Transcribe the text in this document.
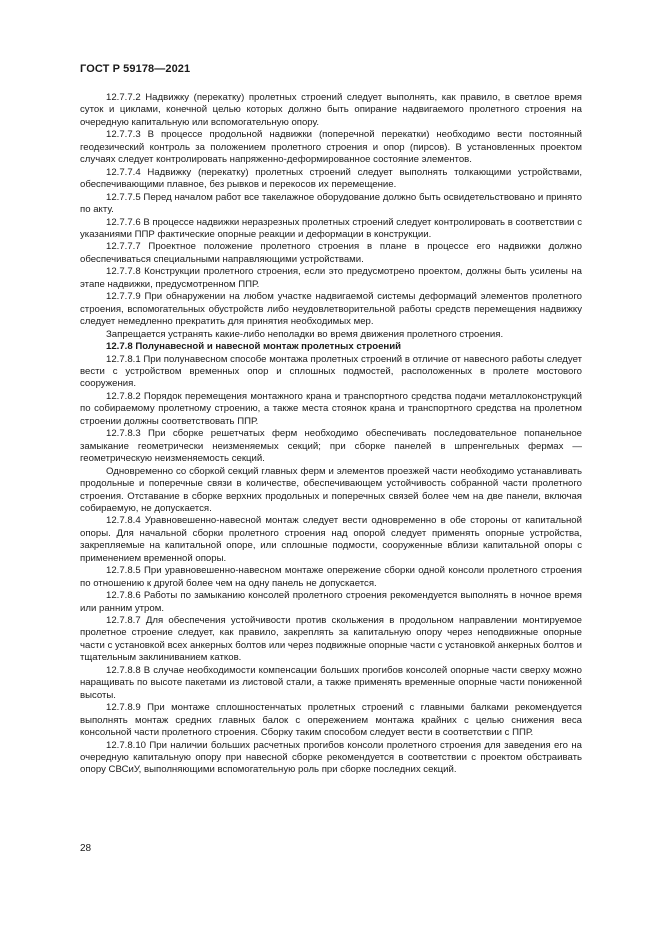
ГОСТ Р 59178—2021

12.7.7.2 Надвижку (перекатку) пролетных строений следует выполнять, как правило, в светлое время суток и циклами, конечной целью которых должно быть опирание надвигаемого пролетного строения на очередную капитальную или вспомогательную опору.

12.7.7.3 В процессе продольной надвижки (поперечной перекатки) необходимо вести постоянный геодезический контроль за положением пролетного строения и опор (пирсов). В установленных проектом случаях следует контролировать напряженно-деформированное состояние элементов.

12.7.7.4 Надвижку (перекатку) пролетных строений следует выполнять толкающими устройствами, обеспечивающими плавное, без рывков и перекосов их перемещение.

12.7.7.5 Перед началом работ все такелажное оборудование должно быть освидетельствовано и принято по акту.

12.7.7.6 В процессе надвижки неразрезных пролетных строений следует контролировать в соответствии с указаниями ППР фактические опорные реакции и деформации в конструкции.

12.7.7.7 Проектное положение пролетного строения в плане в процессе его надвижки должно обеспечиваться специальными направляющими устройствами.

12.7.7.8 Конструкции пролетного строения, если это предусмотрено проектом, должны быть усилены на этапе надвижки, предусмотренном ППР.

12.7.7.9 При обнаружении на любом участке надвигаемой системы деформаций элементов пролетного строения, вспомогательных обустройств либо неудовлетворительной работы средств перемещения надвижку следует немедленно прекратить для принятия необходимых мер.

Запрещается устранять какие-либо неполадки во время движения пролетного строения.

12.7.8 Полунавесной и навесной монтаж пролетных строений

12.7.8.1 При полунавесном способе монтажа пролетных строений в отличие от навесного работы следует вести с устройством временных опор и сплошных подмостей, расположенных в пролете мостового сооружения.

12.7.8.2 Порядок перемещения монтажного крана и транспортного средства подачи металлоконструкций по собираемому пролетному строению, а также места стоянок крана и транспортного средства на пролетном строении должны соответствовать ППР.

12.7.8.3 При сборке решетчатых ферм необходимо обеспечивать последовательное попанельное замыкание геометрически неизменяемых секций; при сборке панелей в шпренгельных фермах — геометрическую неизменяемость секций.

Одновременно со сборкой секций главных ферм и элементов проезжей части необходимо устанавливать продольные и поперечные связи в количестве, обеспечивающем устойчивость собранной части пролетного строения. Отставание в сборке верхних продольных и поперечных связей более чем на две панели, включая собираемую, не допускается.

12.7.8.4 Уравновешенно-навесной монтаж следует вести одновременно в обе стороны от капитальной опоры. Для начальной сборки пролетного строения над опорой следует применять опорные устройства, закрепляемые на капитальной опоре, или сплошные подмости, сооруженные вблизи капитальной опоры с применением временной опоры.

12.7.8.5 При уравновешенно-навесном монтаже опережение сборки одной консоли пролетного строения по отношению к другой более чем на одну панель не допускается.

12.7.8.6 Работы по замыканию консолей пролетного строения рекомендуется выполнять в ночное время или ранним утром.

12.7.8.7 Для обеспечения устойчивости против скольжения в продольном направлении монтируемое пролетное строение следует, как правило, закреплять за капитальную опору через неподвижные опорные части с установкой всех анкерных болтов или через подвижные опорные части с установкой анкерных болтов и тщательным заклиниванием катков.

12.7.8.8 В случае необходимости компенсации больших прогибов консолей опорные части сверху можно наращивать по высоте пакетами из листовой стали, а также применять временные опорные части пониженной высоты.

12.7.8.9 При монтаже сплошностенчатых пролетных строений с главными балками рекомендуется выполнять монтаж средних главных балок с опережением монтажа крайних с целью снижения веса консольной части пролетного строения. Сборку таким способом следует вести в соответствии с ППР.

12.7.8.10 При наличии больших расчетных прогибов консоли пролетного строения для заведения его на очередную капитальную опору при навесной сборке рекомендуется в соответствии с проектом обстраивать опору СВСиУ, выполняющими вспомогательную роль при сборке последних секций.

28
